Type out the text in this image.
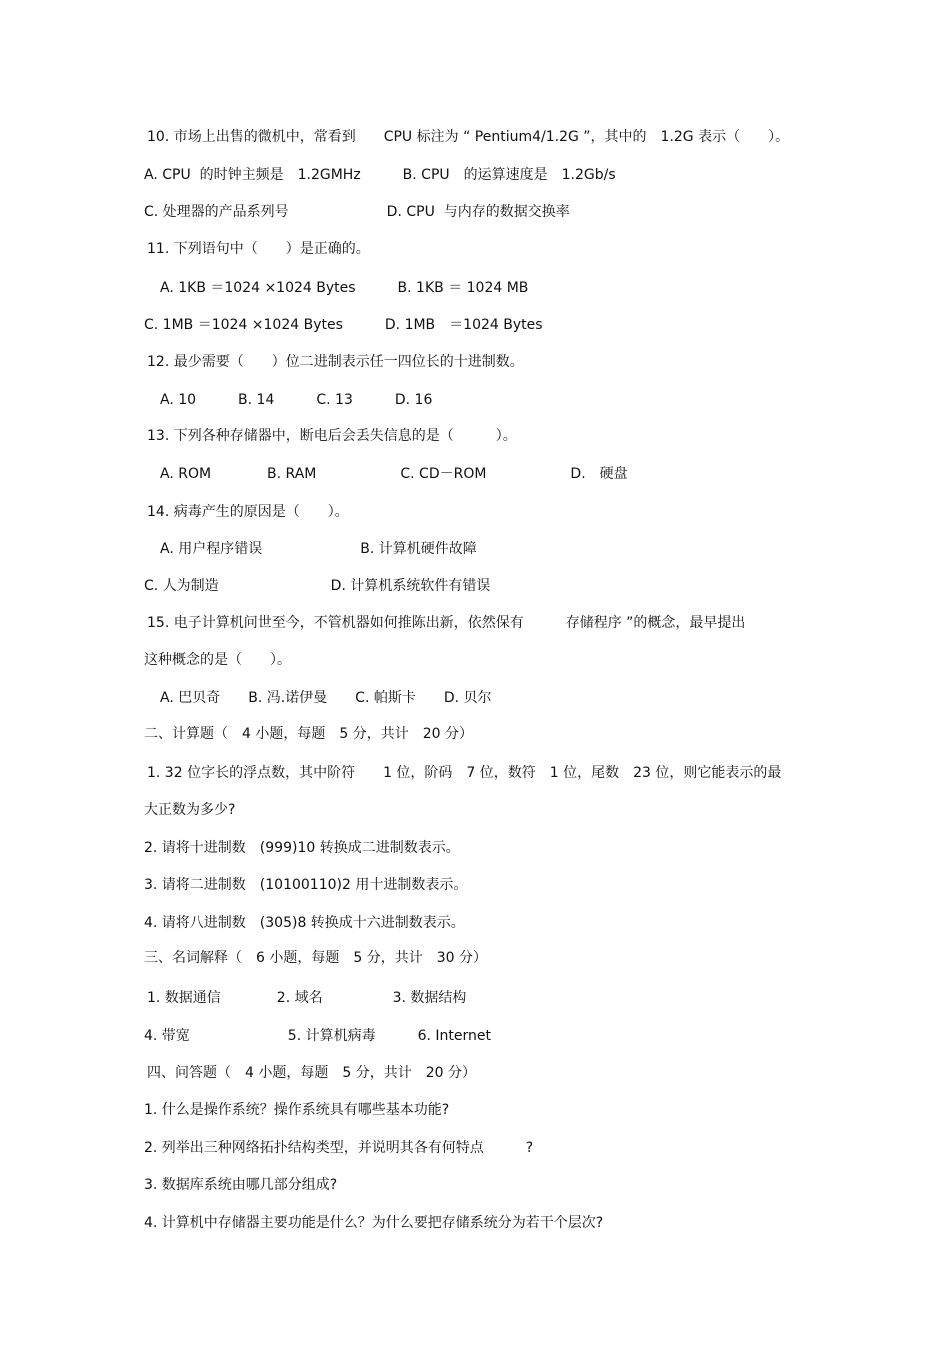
10. 市场上出售的微机中，常看到　　CPU 标注为 “ Pentium4/1.2G ”，其中的　1.2G 表示（　　）。
A. CPU  的时钟主频是　1.2GMHz　　　B. CPU　的运算速度是　1.2Gb/s
C. 处理器的产品系列号　　　　　　　D. CPU  与内存的数据交换率
11. 下列语句中（　　）是正确的。
A. 1KB ＝1024 ×1024 Bytes　　　B. 1KB ＝ 1024 MB
C. 1MB ＝1024 ×1024 Bytes　　　D. 1MB　＝1024 Bytes
12. 最少需要（　　）位二进制表示任一四位长的十进制数。
A. 10　　　B. 14　　　C. 13　　　D. 16
13. 下列各种存储器中，断电后会丢失信息的是（　　　）。
A. ROM　　　　B. RAM　　　　　　C. CD－ROM　　　　　　D.　硬盘
14. 病毒产生的原因是（　　）。
A. 用户程序错误　　　　　　　B. 计算机硬件故障
C. 人为制造　　　　　　　　D. 计算机系统软件有错误
15. 电子计算机问世至今，不管机器如何推陈出新，依然保有　　　存储程序 ”的概念，最早提出
这种概念的是（　　）。
A. 巴贝奇　　B. 冯.诺伊曼　　C. 帕斯卡　　D. 贝尔
二、计算题（　4 小题，每题　5 分，共计　20 分）
1. 32 位字长的浮点数，其中阶符　　1 位，阶码　7 位，数符　1 位，尾数　23 位，则它能表示的最
大正数为多少?
2. 请将十进制数　(999)10 转换成二进制数表示。
3. 请将二进制数　(10100110)2 用十进制数表示。
4. 请将八进制数　(305)8 转换成十六进制数表示。
三、名词解释（　6 小题，每题　5 分，共计　30 分）
1. 数据通信　　　　2. 域名　　　　　3. 数据结构
4. 带宽　　　　　　　5. 计算机病毒　　　6. Internet
四、问答题（　4 小题，每题　5 分，共计　20 分）
1. 什么是操作系统？操作系统具有哪些基本功能?
2. 列举出三种网络拓扑结构类型，并说明其各有何特点　　　?
3. 数据库系统由哪几部分组成?
4. 计算机中存储器主要功能是什么？为什么要把存储系统分为若干个层次?
